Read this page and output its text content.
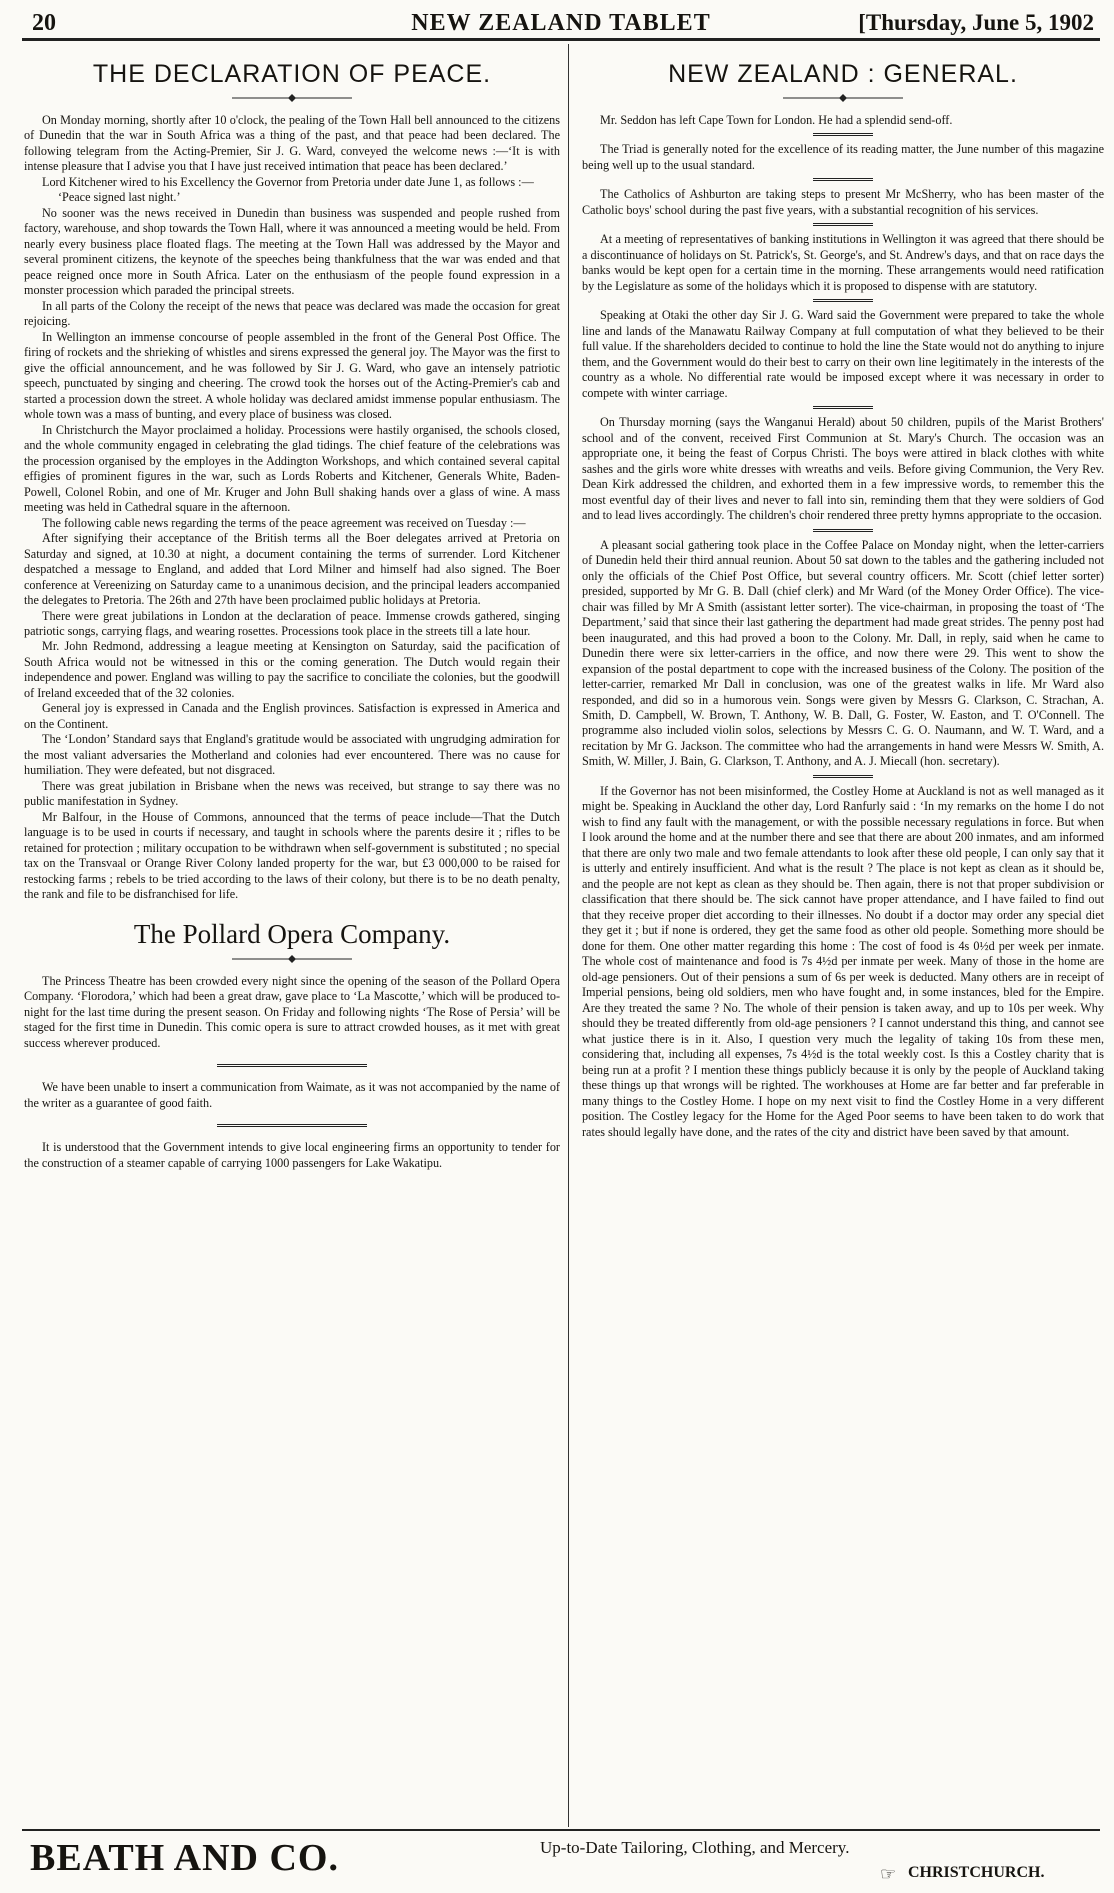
20	NEW ZEALAND TABLET	[Thursday, June 5, 1902
THE DECLARATION OF PEACE.

On Monday morning, shortly after 10 o'clock, the pealing of the Town Hall bell announced to the citizens of Dunedin that the war in South Africa was a thing of the past, and that peace had been declared. The following telegram from the Acting-Premier, Sir J. G. Ward, conveyed the welcome news :—‘It is with intense pleasure that I advise you that I have just received intimation that peace has been declared.’

Lord Kitchener wired to his Excellency the Governor from Pretoria under date June 1, as follows :—

‘Peace signed last night.’

No sooner was the news received in Dunedin than business was suspended and people rushed from factory, warehouse, and shop towards the Town Hall, where it was announced a meeting would be held. From nearly every business place floated flags. The meeting at the Town Hall was addressed by the Mayor and several prominent citizens, the keynote of the speeches being thankfulness that the war was ended and that peace reigned once more in South Africa. Later on the enthusiasm of the people found expression in a monster procession which paraded the principal streets.

In all parts of the Colony the receipt of the news that peace was declared was made the occasion for great rejoicing.

In Wellington an immense concourse of people assembled in the front of the General Post Office. The firing of rockets and the shrieking of whistles and sirens expressed the general joy. The Mayor was the first to give the official announcement, and he was followed by Sir J. G. Ward, who gave an intensely patriotic speech, punctuated by singing and cheering. The crowd took the horses out of the Acting-Premier's cab and started a procession down the street. A whole holiday was declared amidst immense popular enthusiasm. The whole town was a mass of bunting, and every place of business was closed.

In Christchurch the Mayor proclaimed a holiday. Processions were hastily organised, the schools closed, and the whole community engaged in celebrating the glad tidings. The chief feature of the celebrations was the procession organised by the employes in the Addington Workshops, and which contained several capital effigies of prominent figures in the war, such as Lords Roberts and Kitchener, Generals White, Baden-Powell, Colonel Robin, and one of Mr. Kruger and John Bull shaking hands over a glass of wine. A mass meeting was held in Cathedral square in the afternoon.

The following cable news regarding the terms of the peace agreement was received on Tuesday :—

After signifying their acceptance of the British terms all the Boer delegates arrived at Pretoria on Saturday and signed, at 10.30 at night, a document containing the terms of surrender. Lord Kitchener despatched a message to England, and added that Lord Milner and himself had also signed. The Boer conference at Vereenizing on Saturday came to a unanimous decision, and the principal leaders accompanied the delegates to Pretoria. The 26th and 27th have been proclaimed public holidays at Pretoria.

There were great jubilations in London at the declaration of peace. Immense crowds gathered, singing patriotic songs, carrying flags, and wearing rosettes. Processions took place in the streets till a late hour.

Mr. John Redmond, addressing a league meeting at Kensington on Saturday, said the pacification of South Africa would not be witnessed in this or the coming generation. The Dutch would regain their independence and power. England was willing to pay the sacrifice to conciliate the colonies, but the goodwill of Ireland exceeded that of the 32 colonies.

General joy is expressed in Canada and the English provinces. Satisfaction is expressed in America and on the Continent.

The ‘London’ Standard says that England's gratitude would be associated with ungrudging admiration for the most valiant adversaries the Motherland and colonies had ever encountered. There was no cause for humiliation. They were defeated, but not disgraced.

There was great jubilation in Brisbane when the news was received, but strange to say there was no public manifestation in Sydney.

Mr Balfour, in the House of Commons, announced that the terms of peace include—That the Dutch language is to be used in courts if necessary, and taught in schools where the parents desire it ; rifles to be retained for protection ; military occupation to be withdrawn when self-government is substituted ; no special tax on the Transvaal or Orange River Colony landed property for the war, but £3 000,000 to be raised for restocking farms ; rebels to be tried according to the laws of their colony, but there is to be no death penalty, the rank and file to be disfranchised for life.

The Pollard Opera Company.

The Princess Theatre has been crowded every night since the opening of the season of the Pollard Opera Company. ‘Florodora,’ which had been a great draw, gave place to ‘La Mascotte,’ which will be produced to-night for the last time during the present season. On Friday and following nights ‘The Rose of Persia’ will be staged for the first time in Dunedin. This comic opera is sure to attract crowded houses, as it met with great success wherever produced.

We have been unable to insert a communication from Waimate, as it was not accompanied by the name of the writer as a guarantee of good faith.

It is understood that the Government intends to give local engineering firms an opportunity to tender for the construction of a steamer capable of carrying 1000 passengers for Lake Wakatipu.

NEW ZEALAND : GENERAL.

Mr. Seddon has left Cape Town for London. He had a splendid send-off.

The Triad is generally noted for the excellence of its reading matter, the June number of this magazine being well up to the usual standard.

The Catholics of Ashburton are taking steps to present Mr McSherry, who has been master of the Catholic boys' school during the past five years, with a substantial recognition of his services.

At a meeting of representatives of banking institutions in Wellington it was agreed that there should be a discontinuance of holidays on St. Patrick's, St. George's, and St. Andrew's days, and that on race days the banks would be kept open for a certain time in the morning. These arrangements would need ratification by the Legislature as some of the holidays which it is proposed to dispense with are statutory.

Speaking at Otaki the other day Sir J. G. Ward said the Government were prepared to take the whole line and lands of the Manawatu Railway Company at full computation of what they believed to be their full value. If the shareholders decided to continue to hold the line the State would not do anything to injure them, and the Government would do their best to carry on their own line legitimately in the interests of the country as a whole. No differential rate would be imposed except where it was necessary in order to compete with winter carriage.

On Thursday morning (says the Wanganui Herald) about 50 children, pupils of the Marist Brothers' school and of the convent, received First Communion at St. Mary's Church. The occasion was an appropriate one, it being the feast of Corpus Christi. The boys were attired in black clothes with white sashes and the girls wore white dresses with wreaths and veils. Before giving Communion, the Very Rev. Dean Kirk addressed the children, and exhorted them in a few impressive words, to remember this the most eventful day of their lives and never to fall into sin, reminding them that they were soldiers of God and to lead lives accordingly. The children's choir rendered three pretty hymns appropriate to the occasion.

A pleasant social gathering took place in the Coffee Palace on Monday night, when the letter-carriers of Dunedin held their third annual reunion. About 50 sat down to the tables and the gathering included not only the officials of the Chief Post Office, but several country officers. Mr. Scott (chief letter sorter) presided, supported by Mr G. B. Dall (chief clerk) and Mr Ward (of the Money Order Office). The vice-chair was filled by Mr A Smith (assistant letter sorter). The vice-chairman, in proposing the toast of ‘The Department,’ said that since their last gathering the department had made great strides. The penny post had been inaugurated, and this had proved a boon to the Colony. Mr. Dall, in reply, said when he came to Dunedin there were six letter-carriers in the office, and now there were 29. This went to show the expansion of the postal department to cope with the increased business of the Colony. The position of the letter-carrier, remarked Mr Dall in conclusion, was one of the greatest walks in life. Mr Ward also responded, and did so in a humorous vein. Songs were given by Messrs G. Clarkson, C. Strachan, A. Smith, D. Campbell, W. Brown, T. Anthony, W. B. Dall, G. Foster, W. Easton, and T. O'Connell. The programme also included violin solos, selections by Messrs C. G. O. Naumann, and W. T. Ward, and a recitation by Mr G. Jackson. The committee who had the arrangements in hand were Messrs W. Smith, A. Smith, W. Miller, J. Bain, G. Clarkson, T. Anthony, and A. J. Miecall (hon. secretary).

If the Governor has not been misinformed, the Costley Home at Auckland is not as well managed as it might be. Speaking in Auckland the other day, Lord Ranfurly said : ‘In my remarks on the home I do not wish to find any fault with the management, or with the possible necessary regulations in force. But when I look around the home and at the number there and see that there are about 200 inmates, and am informed that there are only two male and two female attendants to look after these old people, I can only say that it is utterly and entirely insufficient. And what is the result ? The place is not kept as clean as it should be, and the people are not kept as clean as they should be. Then again, there is not that proper subdivision or classification that there should be. The sick cannot have proper attendance, and I have failed to find out that they receive proper diet according to their illnesses. No doubt if a doctor may order any special diet they get it ; but if none is ordered, they get the same food as other old people. Something more should be done for them. One other matter regarding this home : The cost of food is 4s 0½d per week per inmate. The whole cost of maintenance and food is 7s 4½d per inmate per week. Many of those in the home are old-age pensioners. Out of their pensions a sum of 6s per week is deducted. Many others are in receipt of Imperial pensions, being old soldiers, men who have fought and, in some instances, bled for the Empire. Are they treated the same ? No. The whole of their pension is taken away, and up to 10s per week. Why should they be treated differently from old-age pensioners ? I cannot understand this thing, and cannot see what justice there is in it. Also, I question very much the legality of taking 10s from these men, considering that, including all expenses, 7s 4½d is the total weekly cost. Is this a Costley charity that is being run at a profit ? I mention these things publicly because it is only by the people of Auckland taking these things up that wrongs will be righted. The workhouses at Home are far better and far preferable in many things to the Costley Home. I hope on my next visit to find the Costley Home in a very different position. The Costley legacy for the Home for the Aged Poor seems to have been taken to do work that rates should legally have done, and the rates of the city and district have been saved by that amount.

BEATH AND CO.	Up-to-Date Tailoring, Clothing, and Mercery.
☞ CHRISTCHURCH.
